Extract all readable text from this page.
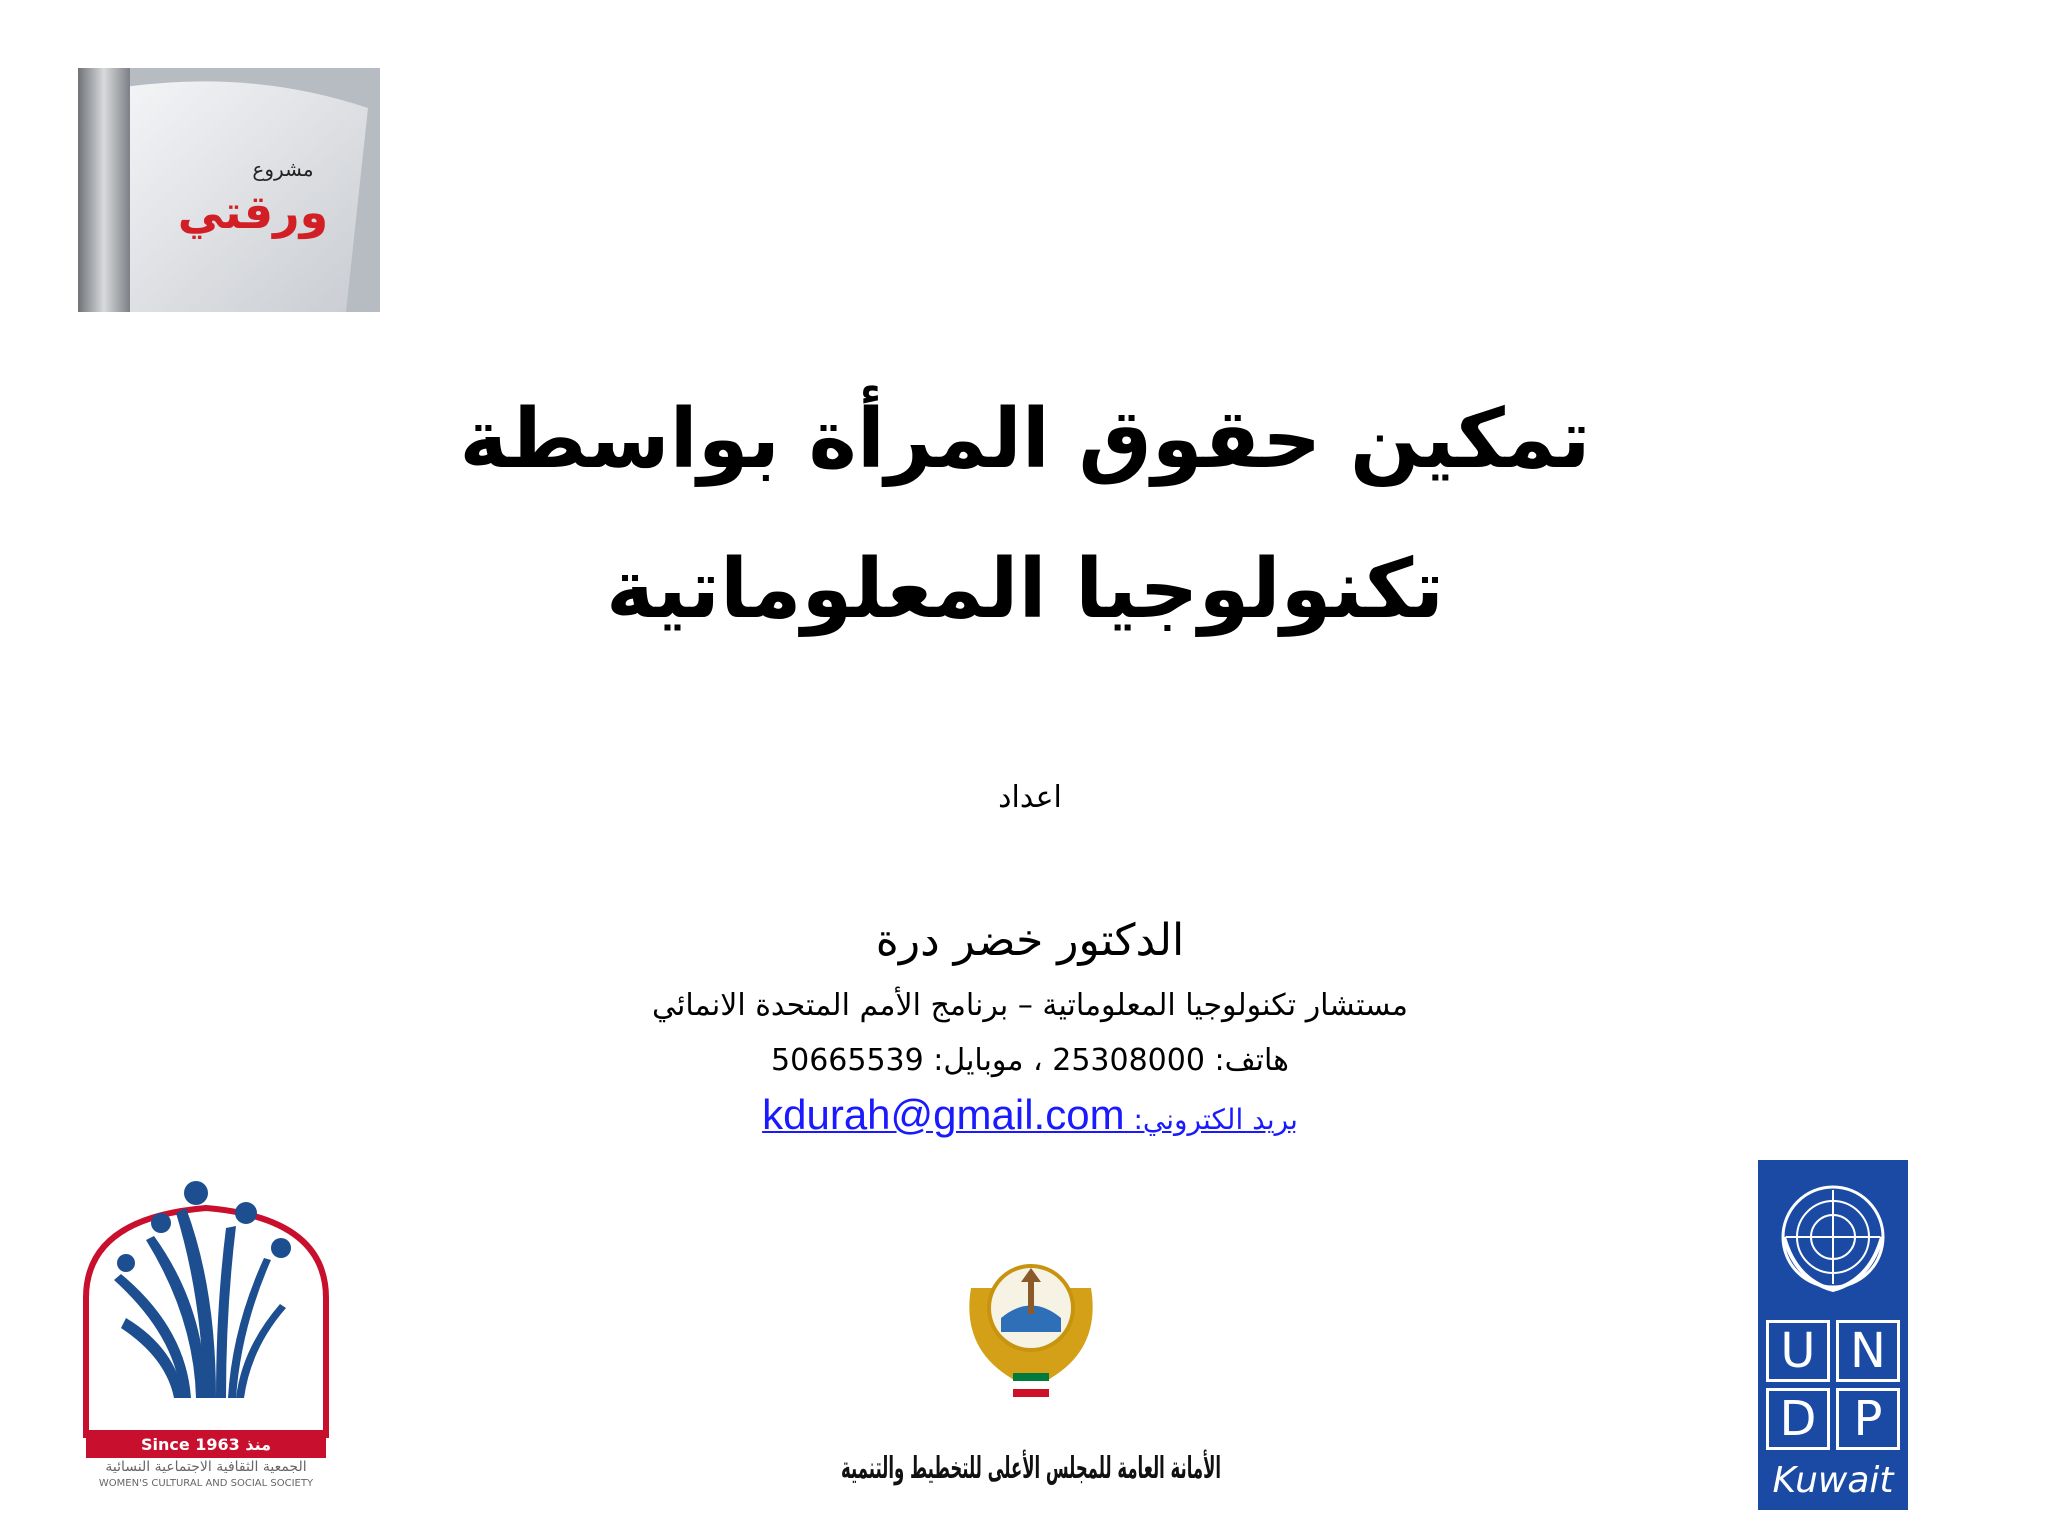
مشروع
ورقتي
تمكين حقوق المرأة بواسطة
تكنولوجيا المعلوماتية
اعداد
الدكتور خضر درة
مستشار تكنولوجيا المعلوماتية – برنامج الأمم المتحدة الانمائي
هاتف: 25308000 ، موبايل: 50665539
بريد الكتروني: kdurah@gmail.com
Since 1963 منذ
الجمعية الثقافية الاجتماعية النسائية
WOMEN'S CULTURAL AND SOCIAL SOCIETY	الأمانة العامة للمجلس الأعلى للتخطيط والتنمية
U N
D P
Kuwait
